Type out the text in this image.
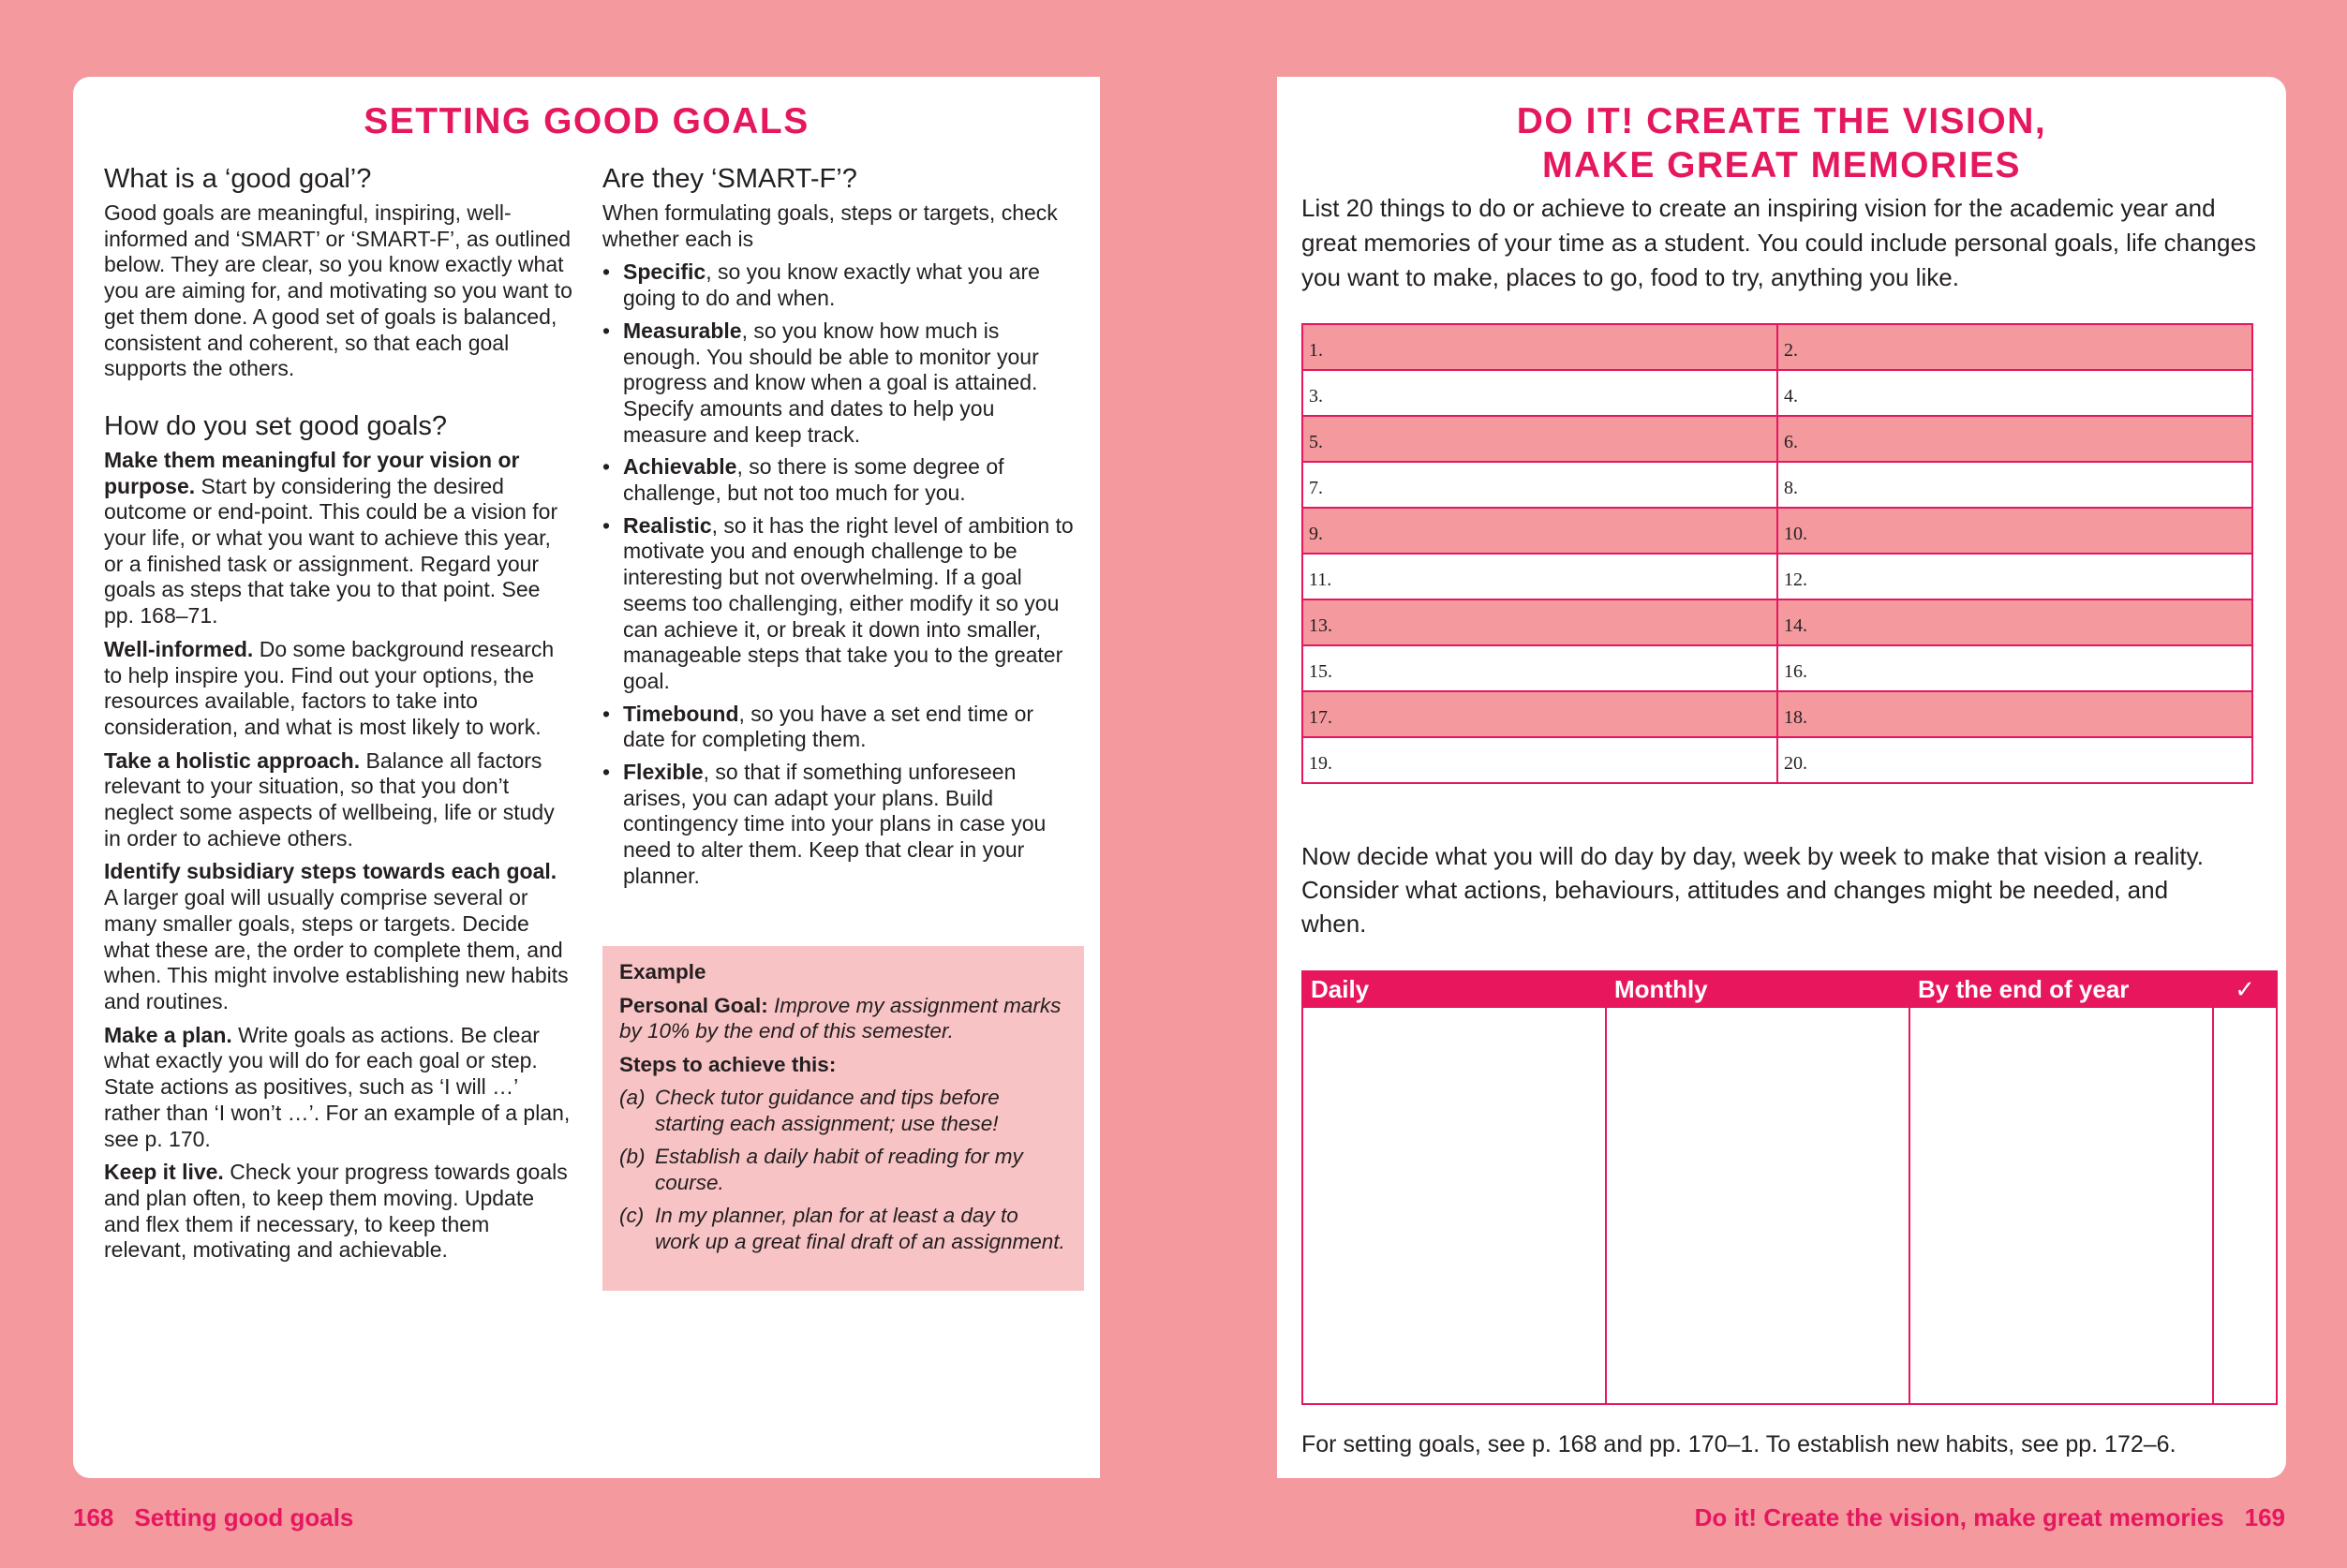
SETTING GOOD GOALS
What is a ‘good goal’?

Good goals are meaningful, inspiring, well-informed and ‘SMART’ or ‘SMART-F’, as outlined below. They are clear, so you know exactly what you are aiming for, and motivating so you want to get them done. A good set of goals is balanced, consistent and coherent, so that each goal supports the others.

How do you set good goals?

Make them meaningful for your vision or purpose. Start by considering the desired outcome or end-point. This could be a vision for your life, or what you want to achieve this year, or a finished task or assignment. Regard your goals as steps that take you to that point. See pp. 168–71.

Well-informed. Do some background research to help inspire you. Find out your options, the resources available, factors to take into consideration, and what is most likely to work.

Take a holistic approach. Balance all factors relevant to your situation, so that you don’t neglect some aspects of wellbeing, life or study in order to achieve others.

Identify subsidiary steps towards each goal. A larger goal will usually comprise several or many smaller goals, steps or targets. Decide what these are, the order to complete them, and when. This might involve establishing new habits and routines.

Make a plan. Write goals as actions. Be clear what exactly you will do for each goal or step. State actions as positives, such as ‘I will …’ rather than ‘I won’t …’. For an example of a plan, see p. 170.

Keep it live. Check your progress towards goals and plan often, to keep them moving. Update and flex them if necessary, to keep them relevant, motivating and achievable.

Are they ‘SMART-F’?

When formulating goals, steps or targets, check whether each is

• Specific, so you know exactly what you are going to do and when.
• Measurable, so you know how much is enough. You should be able to monitor your progress and know when a goal is attained. Specify amounts and dates to help you measure and keep track.
• Achievable, so there is some degree of challenge, but not too much for you.
• Realistic, so it has the right level of ambition to motivate you and enough challenge to be interesting but not overwhelming. If a goal seems too challenging, either modify it so you can achieve it, or break it down into smaller, manageable steps that take you to the greater goal.
• Timebound, so you have a set end time or date for completing them.
• Flexible, so that if something unforeseen arises, you can adapt your plans. Build contingency time into your plans in case you need to alter them. Keep that clear in your planner.
Example
Personal Goal: Improve my assignment marks by 10% by the end of this semester.
Steps to achieve this:
(a) Check tutor guidance and tips before starting each assignment; use these!
(b) Establish a daily habit of reading for my course.
(c) In my planner, plan for at least a day to work up a great final draft of an assignment.
DO IT! CREATE THE VISION,
MAKE GREAT MEMORIES
List 20 things to do or achieve to create an inspiring vision for the academic year and great memories of your time as a student. You could include personal goals, life changes you want to make, places to go, food to try, anything you like.
1.	2.
3.	4.
5.	6.
7.	8.
9.	10.
11.	12.
13.	14.
15.	16.
17.	18.
19.	20.
Now decide what you will do day by day, week by week to make that vision a reality. Consider what actions, behaviours, attitudes and changes might be needed, and when.
Daily	Monthly	By the end of year	✓

For setting goals, see p. 168 and pp. 170–1. To establish new habits, see pp. 172–6.
168 Setting good goals	Do it! Create the vision, make great memories 169
